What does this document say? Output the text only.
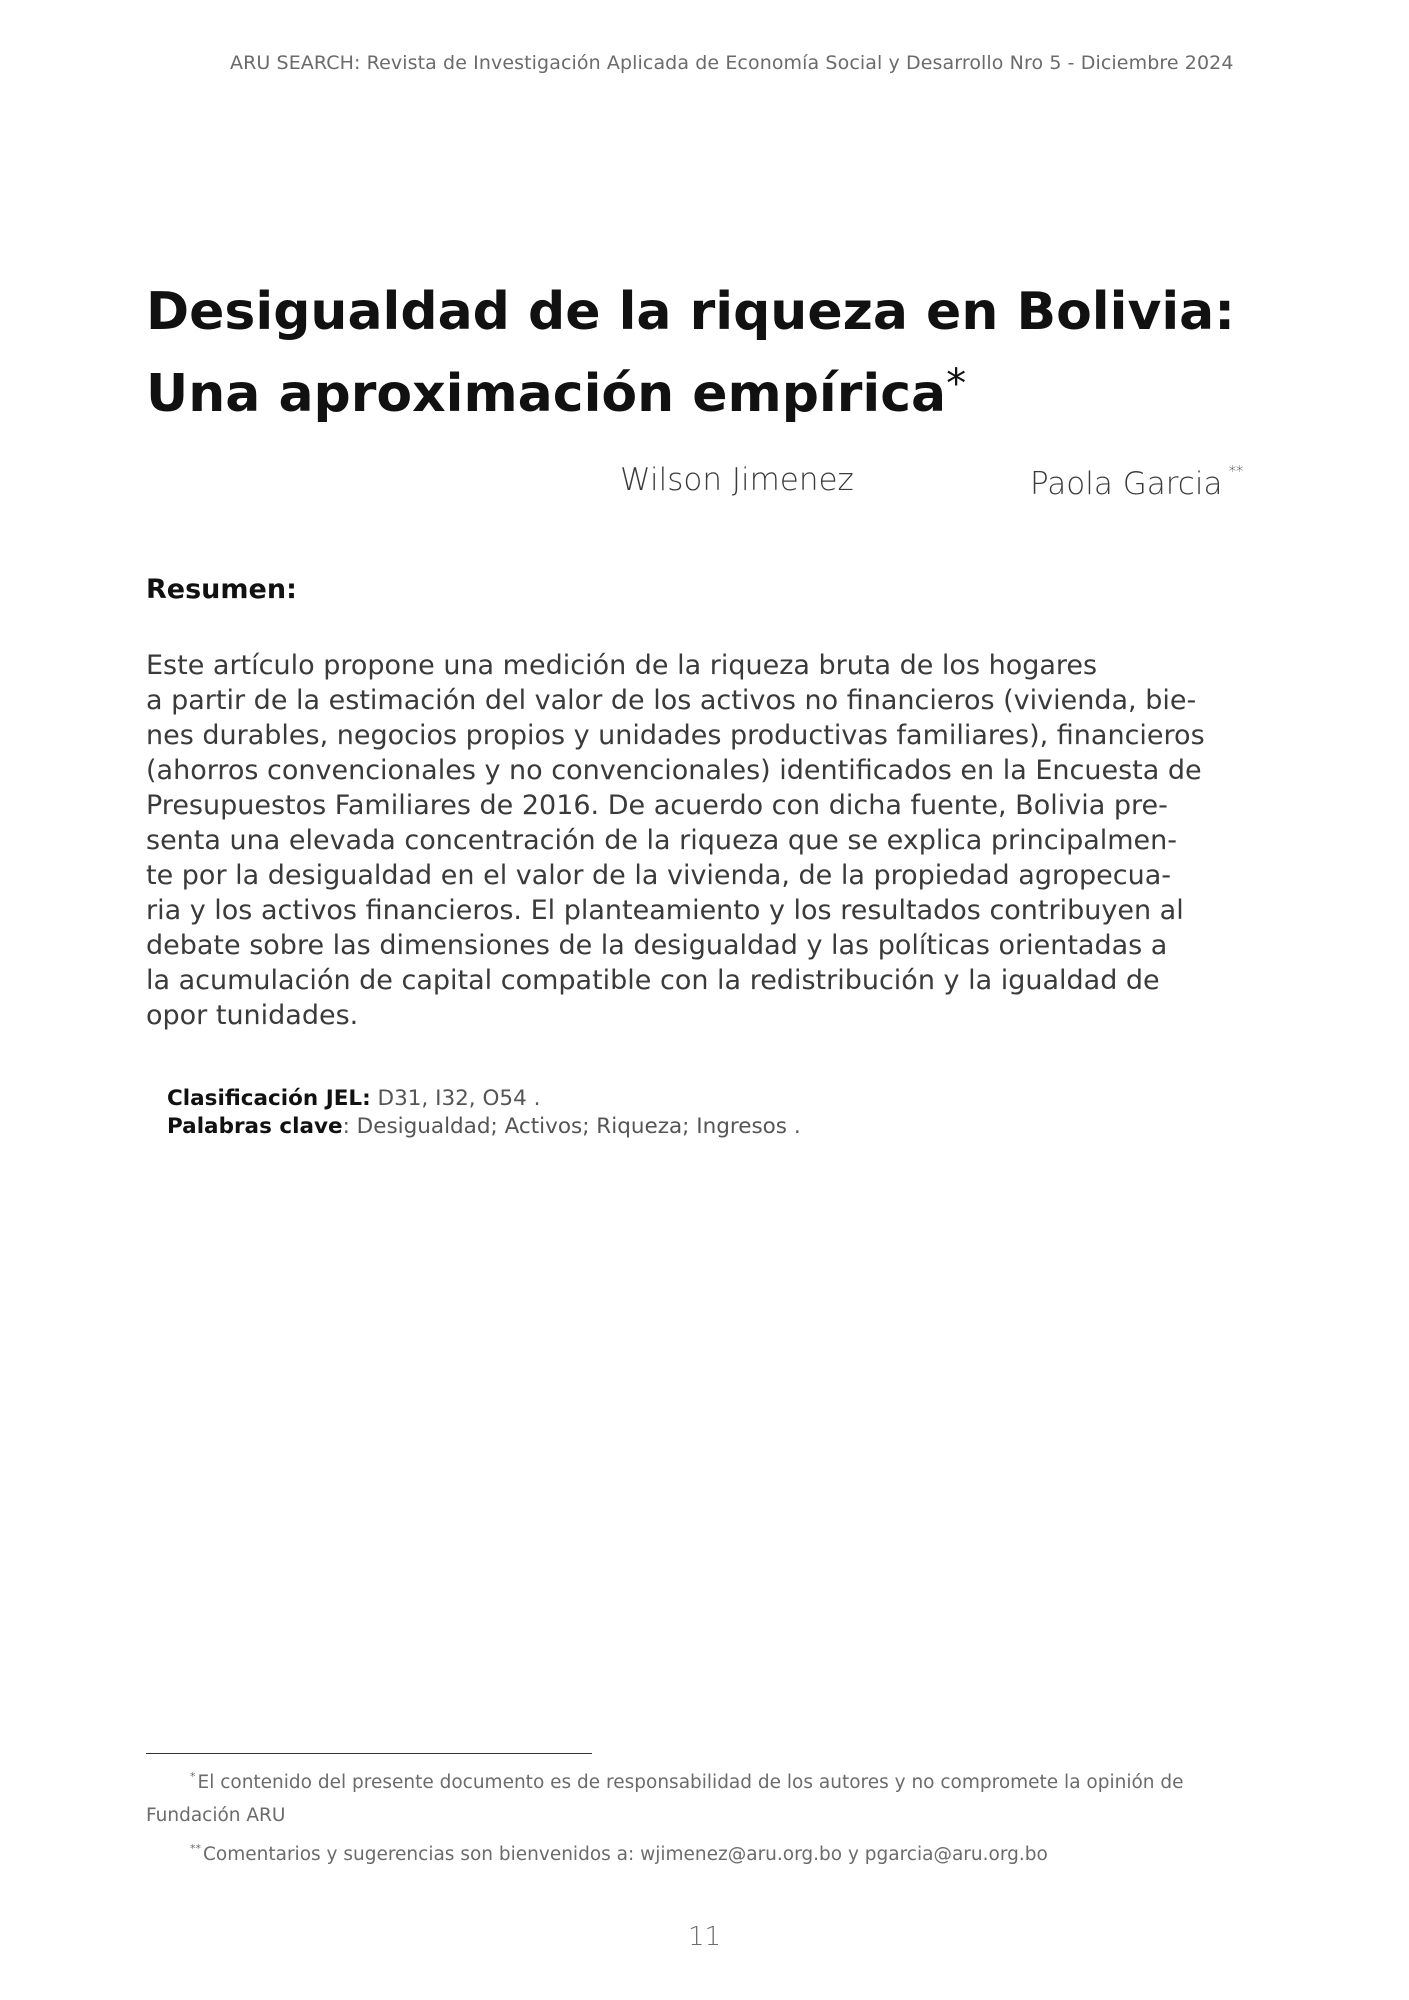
ARU SEARCH: Revista de Investigación Aplicada de Economía Social y Desarrollo Nro 5 - Diciembre 2024
Desigualdad de la riqueza en Bolivia:
Una aproximación empírica*
Wilson Jimenez	Paola Garcia **
Resumen:

Este artículo propone una medición de la riqueza bruta de los hogares
a partir de la estimación del valor de los activos no financieros (vivienda, bie-
nes durables, negocios propios y unidades productivas familiares), financieros
(ahorros convencionales y no convencionales) identificados en la Encuesta de
Presupuestos Familiares de 2016. De acuerdo con dicha fuente, Bolivia pre-
senta una elevada concentración de la riqueza que se explica principalmen-
te por la desigualdad en el valor de la vivienda, de la propiedad agropecua-
ria y los activos financieros. El planteamiento y los resultados contribuyen al
debate sobre las dimensiones de la desigualdad y las políticas orientadas a
la acumulación de capital compatible con la redistribución y la igualdad de
opor tunidades.

Clasificación JEL: D31, I32, O54 .
Palabras clave: Desigualdad; Activos; Riqueza; Ingresos .
* El contenido del presente documento es de responsabilidad de los autores y no compromete la opinión de
Fundación ARU
** Comentarios y sugerencias son bienvenidos a: wjimenez@aru.org.bo y pgarcia@aru.org.bo
11
